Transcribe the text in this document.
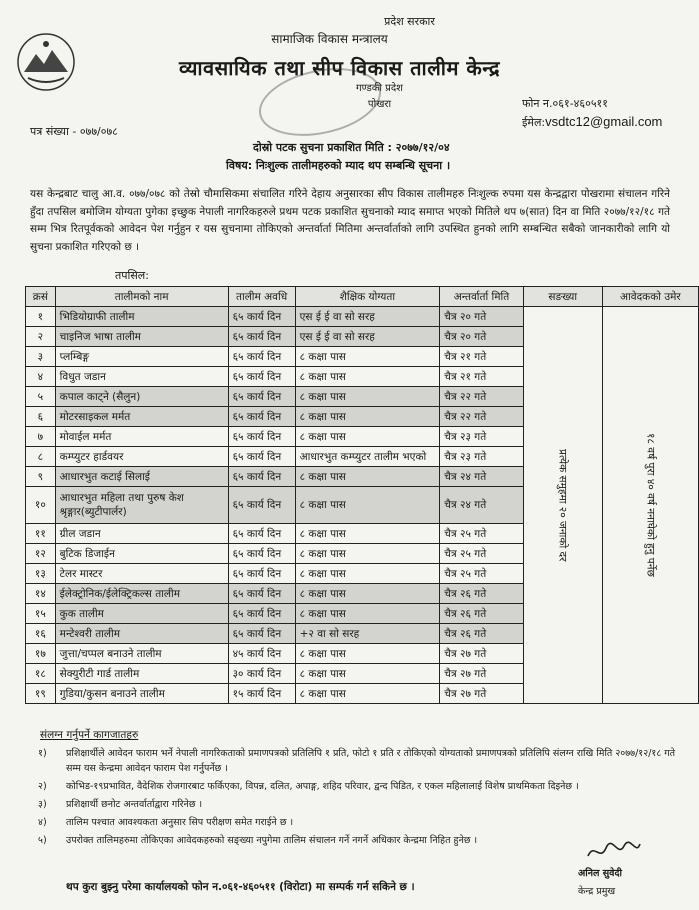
प्रदेश सरकार
सामाजिक विकास मन्त्रालय
व्यावसायिक तथा सीप विकास तालीम केन्द्र
गण्डकी प्रदेश
पोखरा	फोन न.०६१-४६०५११
ईमेल:vsdtc12@gmail.com
पत्र संख्या - ०७७/०७८
दोस्रो पटक सुचना प्रकाशित मिति : २०७७/१२/०४
विषय: निःशुल्क तालीमहरुको म्याद थप सम्बन्धि सूचना ।
यस केन्द्रबाट चालु आ.व. ०७७/०७८ को तेस्रो चौमासिकमा संचालित गरिने देहाय अनुसारका सीप विकास तालीमहरु निःशुल्क रुपमा यस केन्द्रद्वारा पोखरामा संचालन गरिने हुँदा तपसिल बमोजिम योग्यता पुगेका इच्छुक नेपाली नागरिकहरुले प्रथम पटक प्रकाशित सुचनाको म्याद समाप्त भएको मितिले थप ७(सात) दिन वा मिति २०७७/१२/१८ गते सम्म भित्र रितपूर्वकको आवेदन पेश गर्नुहुन र यस सुचनामा तोकिएको अन्तर्वार्ता मितिमा अन्तर्वार्ताको लागि उपस्थित हुनको लागि सम्बन्धित सबैको जानकारीको लागि यो सुचना प्रकाशित गरिएको छ ।
तपसिल:
क्रसं	तालीमको नाम	तालीम अवधि	शैक्षिक योग्यता	अन्तर्वार्ता मिति	सङख्या	आवेदकको उमेर
१	भिडियोग्राफी तालीम	६५ कार्य दिन	एस ई ई वा सो सरह	चैत्र २० गते	प्रत्येक समुहमा २० जनाको दर	१८ वर्ष पुरा ४० वर्ष ननाघेको हुनु पर्नेछ

२	चाइनिज भाषा तालीम	६५ कार्य दिन	एस ई ई वा सो सरह	चैत्र २० गते		
३	प्लम्बिङ्ग	६५ कार्य दिन	८ कक्षा पास	चैत्र २१ गते		
४	विधुत जडान	६५ कार्य दिन	८ कक्षा पास	चैत्र २१ गते		
५	कपाल काट्ने (सैलुन)	६५ कार्य दिन	८ कक्षा पास	चैत्र २२ गते		
६	मोटरसाइकल मर्मत	६५ कार्य दिन	८ कक्षा पास	चैत्र २२ गते		
७	मोवाईल मर्मत	६५ कार्य दिन	८ कक्षा पास	चैत्र २३ गते		
८	कम्प्युटर हार्डवयर	६५ कार्य दिन	आधारभुत कम्प्युटर तालीम भएको	चैत्र २३ गते		
९	आधारभुत कटाई सिलाई	६५ कार्य दिन	८ कक्षा पास	चैत्र २४ गते		
१०	आधारभुत महिला तथा पुरुष केश श्रृङ्गार(ब्युटीपार्लर)	६५ कार्य दिन	८ कक्षा पास	चैत्र २४ गते		
११	ग्रील जडान	६५ कार्य दिन	८ कक्षा पास	चैत्र २५ गते		
१२	बुटिक डिजाईन	६५ कार्य दिन	८ कक्षा पास	चैत्र २५ गते		
१३	टेलर मास्टर	६५ कार्य दिन	८ कक्षा पास	चैत्र २५ गते		
१४	ईलेक्ट्रोनिक/ईलेक्ट्रिकल्स तालीम	६५ कार्य दिन	८ कक्षा पास	चैत्र २६ गते		
१५	कुक तालीम	६५ कार्य दिन	८ कक्षा पास	चैत्र २६ गते		
१६	मन्टेश्वरी तालीम	६५ कार्य दिन	+२ वा सो सरह	चैत्र २६ गते		
१७	जुत्ता/चप्पल बनाउने तालीम	४५ कार्य दिन	८ कक्षा पास	चैत्र २७ गते		
१८	सेक्युरीटी गार्ड तालीम	३० कार्य दिन	८ कक्षा पास	चैत्र २७ गते		
१९	गुडिया/कुसन बनाउने तालीम	१५ कार्य दिन	८ कक्षा पास	चैत्र २७ गते		
संलग्न गर्नुपर्ने कागजातहरु
१) प्रशिक्षार्थीले आवेदन फाराम भर्ने नेपाली नागरिकताको प्रमाणपत्रको प्रतिलिपि १ प्रति, फोटो १ प्रति र तोकिएको योग्यताको प्रमाणपत्रको प्रतिलिपि संलग्न राखि मिति २०७७/१२/१८ गते सम्म यस केन्द्रमा आवेदन फाराम पेश गर्नुपर्नेछ ।
२) कोभिड-१९प्रभावित, वैदेशिक रोजगारबाट फर्किएका, विपन्न, दलित, अपाङ्ग, शहिद परिवार, द्वन्द पिडित, र एकल महिलालाई विशेष प्राथमिकता दिइनेछ ।
३) प्रशिक्षार्थी छनोट अन्तर्वार्ताद्वारा गरिनेछ ।
४) तालिम पश्चात आवश्यकता अनुसार सिप परीक्षण समेत गराईने छ ।
५) उपरोक्त तालिमहरुमा तोकिएका आवेदकहरुको सङ्ख्या नपुगेमा तालिम संचालन गर्ने नगर्ने अधिकार केन्द्रमा निहित हुनेछ ।
थप कुरा बुझ्नु परेमा कार्यालयको फोन न.०६१-४६०५११ (विरोटा) मा सम्पर्क गर्न सकिने छ ।
अनिल सुवेदी
केन्द्र प्रमुख
